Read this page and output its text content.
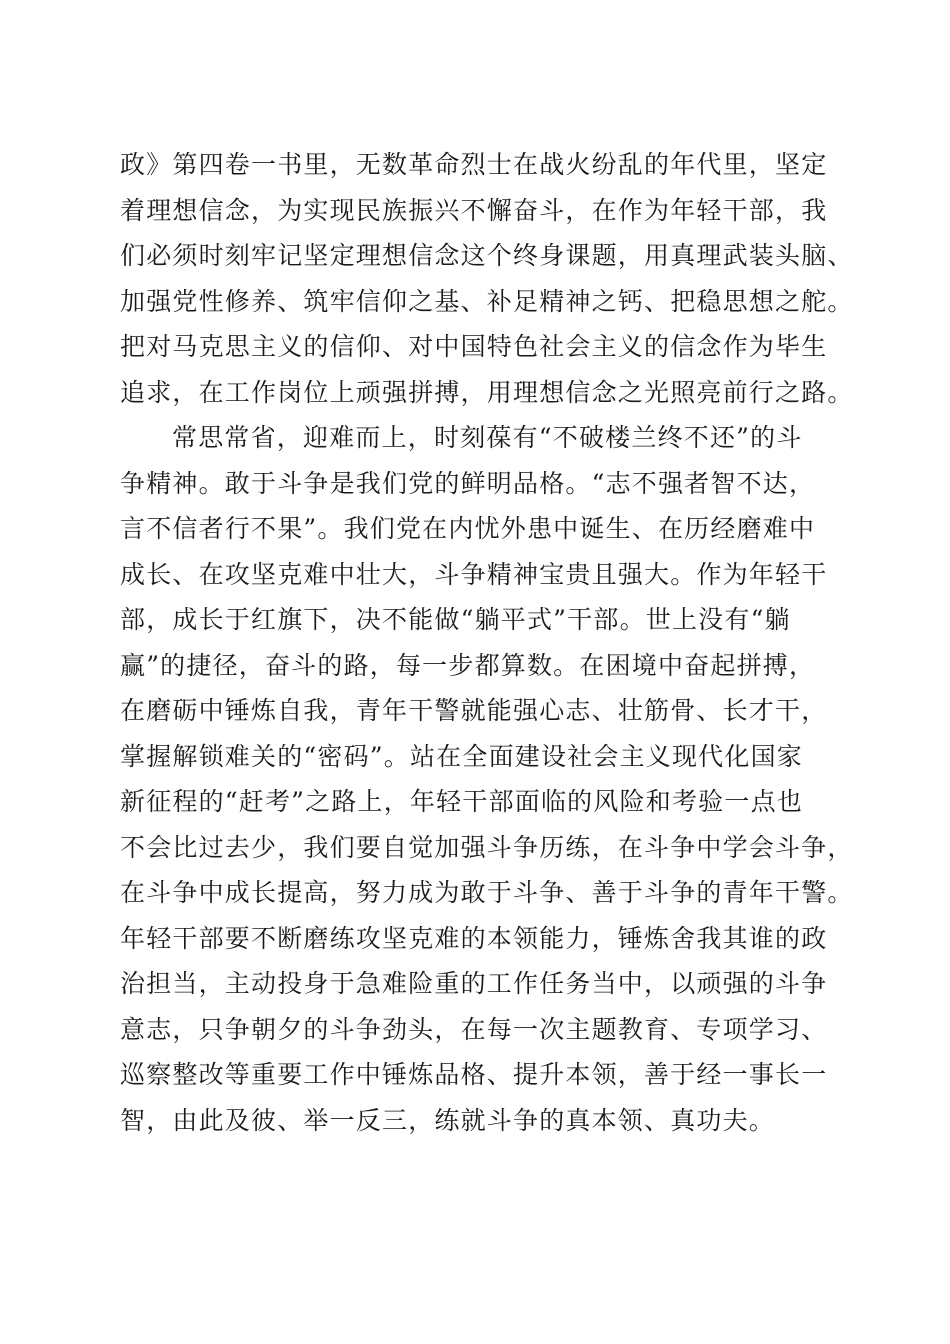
政》第四卷一书里，无数革命烈士在战火纷乱的年代里，坚定
着理想信念，为实现民族振兴不懈奋斗，在作为年轻干部，我
们必须时刻牢记坚定理想信念这个终身课题，用真理武装头脑、
加强党性修养、筑牢信仰之基、补足精神之钙、把稳思想之舵。
把对马克思主义的信仰、对中国特色社会主义的信念作为毕生
追求，在工作岗位上顽强拼搏，用理想信念之光照亮前行之路。
常思常省，迎难而上，时刻葆有“不破楼兰终不还”的斗
争精神。敢于斗争是我们党的鲜明品格。“志不强者智不达，
言不信者行不果”。我们党在内忧外患中诞生、在历经磨难中
成长、在攻坚克难中壮大，斗争精神宝贵且强大。作为年轻干
部，成长于红旗下，决不能做“躺平式”干部。世上没有“躺
赢”的捷径，奋斗的路，每一步都算数。在困境中奋起拼搏，
在磨砺中锤炼自我，青年干警就能强心志、壮筋骨、长才干，
掌握解锁难关的“密码”。站在全面建设社会主义现代化国家
新征程的“赶考”之路上，年轻干部面临的风险和考验一点也
不会比过去少，我们要自觉加强斗争历练，在斗争中学会斗争，
在斗争中成长提高，努力成为敢于斗争、善于斗争的青年干警。
年轻干部要不断磨练攻坚克难的本领能力，锤炼舍我其谁的政
治担当，主动投身于急难险重的工作任务当中，以顽强的斗争
意志，只争朝夕的斗争劲头，在每一次主题教育、专项学习、
巡察整改等重要工作中锤炼品格、提升本领，善于经一事长一
智，由此及彼、举一反三，练就斗争的真本领、真功夫。
